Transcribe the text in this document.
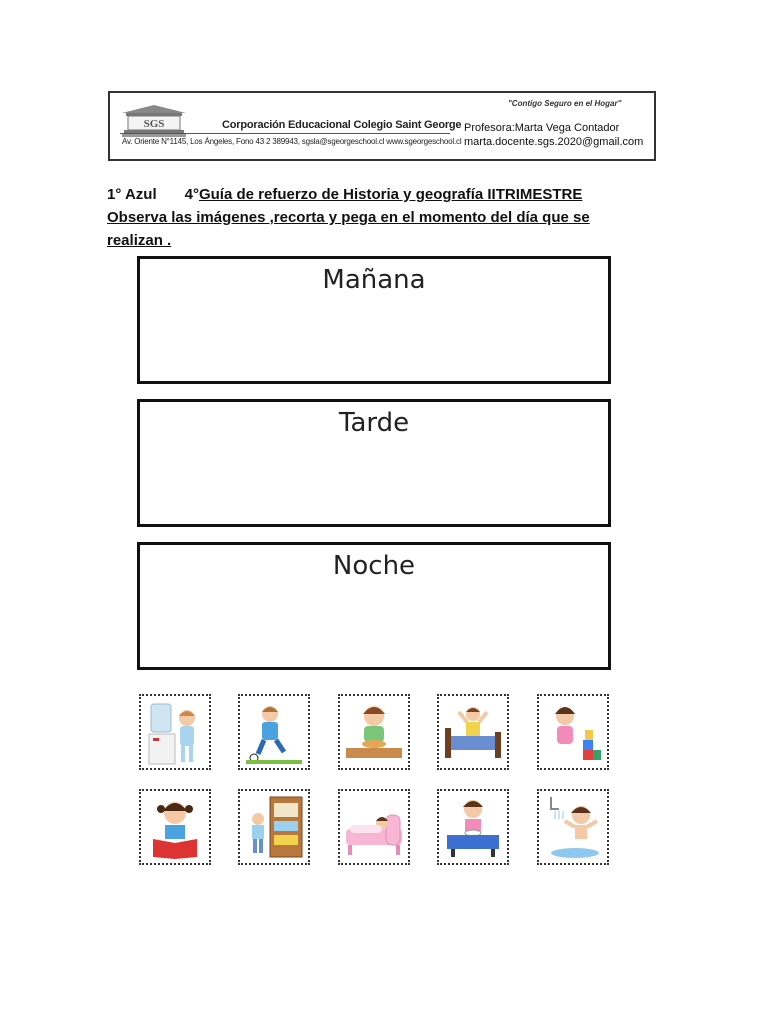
SGS	Corporación Educacional Colegio Saint George
Av. Oriente N°1145, Los Ángeles, Fono 43 2 389943, sgsla@sgeorgeschool.cl www.sgeorgeschool.cl
"Contigo Seguro en el Hogar"
Profesora:Marta Vega Contador
marta.docente.sgs.2020@gmail.com
1° Azul 4°Guía de refuerzo de Historia y geografía IITRIMESTRE
Observa las imágenes ,recorta y pega en el momento del día que se realizan .
Mañana
Tarde
Noche
